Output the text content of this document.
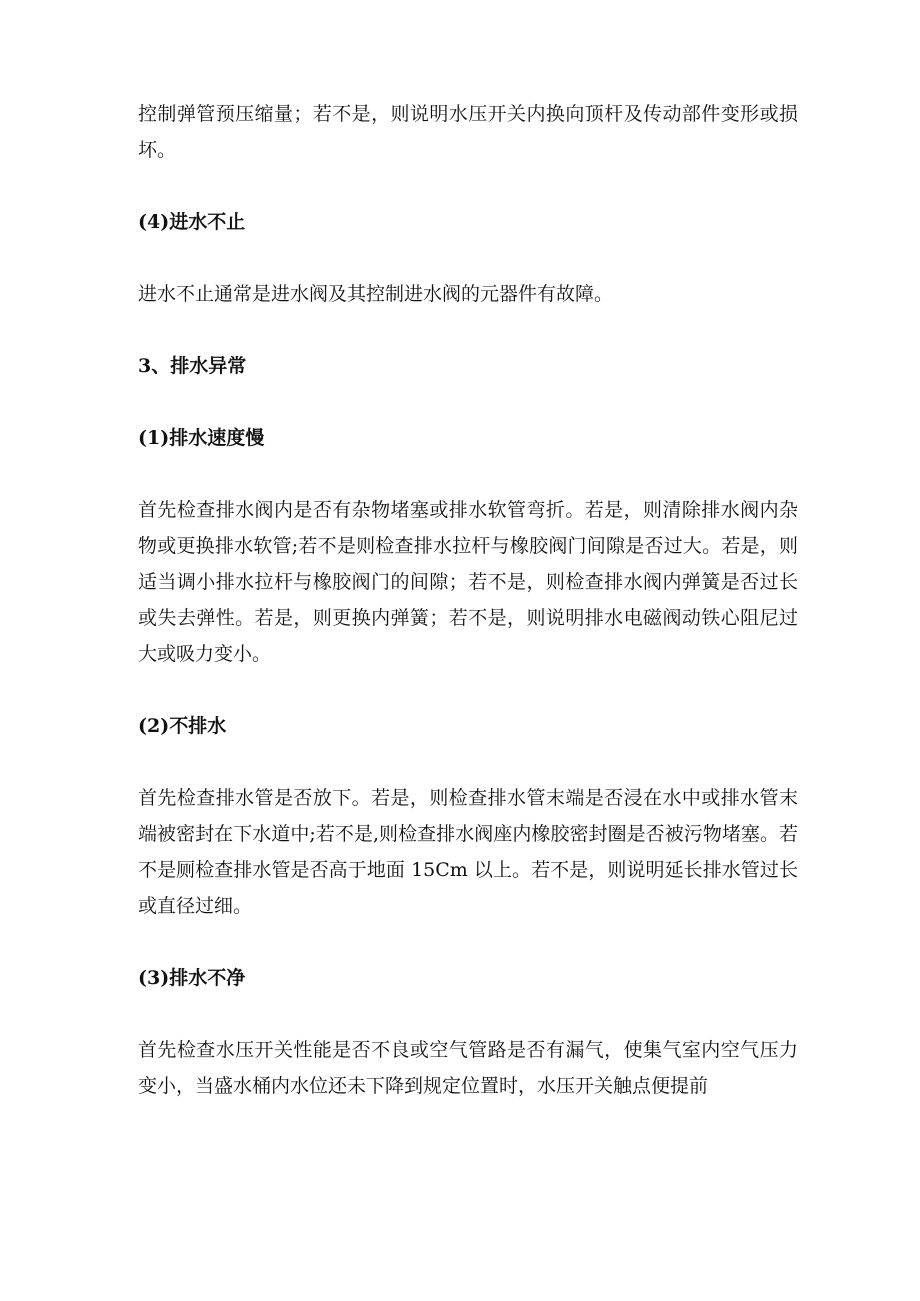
控制弹管预压缩量；若不是，则说明水压开关内换向顶杆及传动部件变形或损坏。

(4)进水不止

进水不止通常是进水阀及其控制进水阀的元器件有故障。

3、排水异常

(1)排水速度慢

首先检查排水阀内是否有杂物堵塞或排水软管弯折。若是，则清除排水阀内杂物或更换排水软管;若不是则检查排水拉杆与橡胶阀门间隙是否过大。若是，则适当调小排水拉杆与橡胶阀门的间隙；若不是，则检查排水阀内弹簧是否过长或失去弹性。若是，则更换内弹簧；若不是，则说明排水电磁阀动铁心阻尼过大或吸力变小。

(2)不排水

首先检查排水管是否放下。若是，则检查排水管末端是否浸在水中或排水管末端被密封在下水道中;若不是,则检查排水阀座内橡胶密封圈是否被污物堵塞。若不是厕检查排水管是否高于地面 15Cm 以上。若不是，则说明延长排水管过长或直径过细。

(3)排水不净

首先检查水压开关性能是否不良或空气管路是否有漏气，使集气室内空气压力变小，当盛水桶内水位还未下降到规定位置时，水压开关触点便提前
